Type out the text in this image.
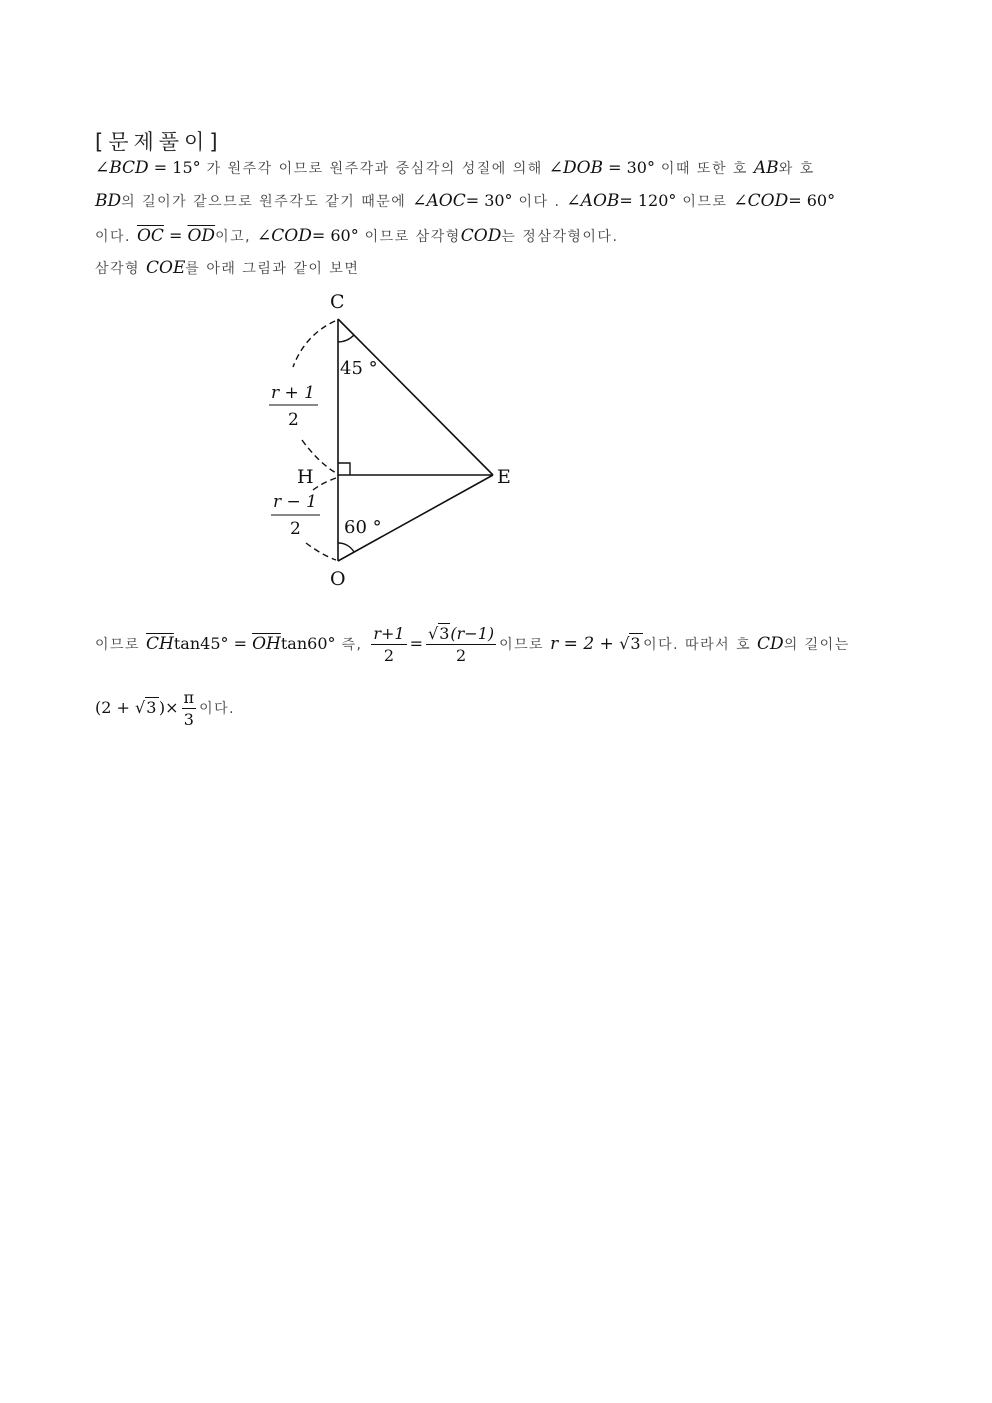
[문제풀이]
∠BCD = 15° 가 원주각 이므로 원주각과 중심각의 성질에 의해 ∠DOB = 30° 이때 또한 호 AB와 호
BD의 길이가 같으므로 원주각도 같기 때문에 ∠AOC= 30° 이다 . ∠AOB= 120° 이므로 ∠COD= 60°
이다. $\overline{OC} = \overline{OD}$이고, ∠COD= 60° 이므로 삼각형COD는 정삼각형이다.
삼각형 COE를 아래 그림과 같이 보면
C
H	E
O
45 °
60 °
r + 1
2
r − 1
2
이므로 $\overline{CH}\tan 45^\circ = \overline{OH}\tan 60^\circ$ 즉, $\frac{r+1}{2} = \frac{√3(r-1)}{2}$ 이므로 r = 2 + √3이다. 따라서 호 CD의 길이는
$(2 + √3)\times \frac{\pi}{3}$ 이다.
